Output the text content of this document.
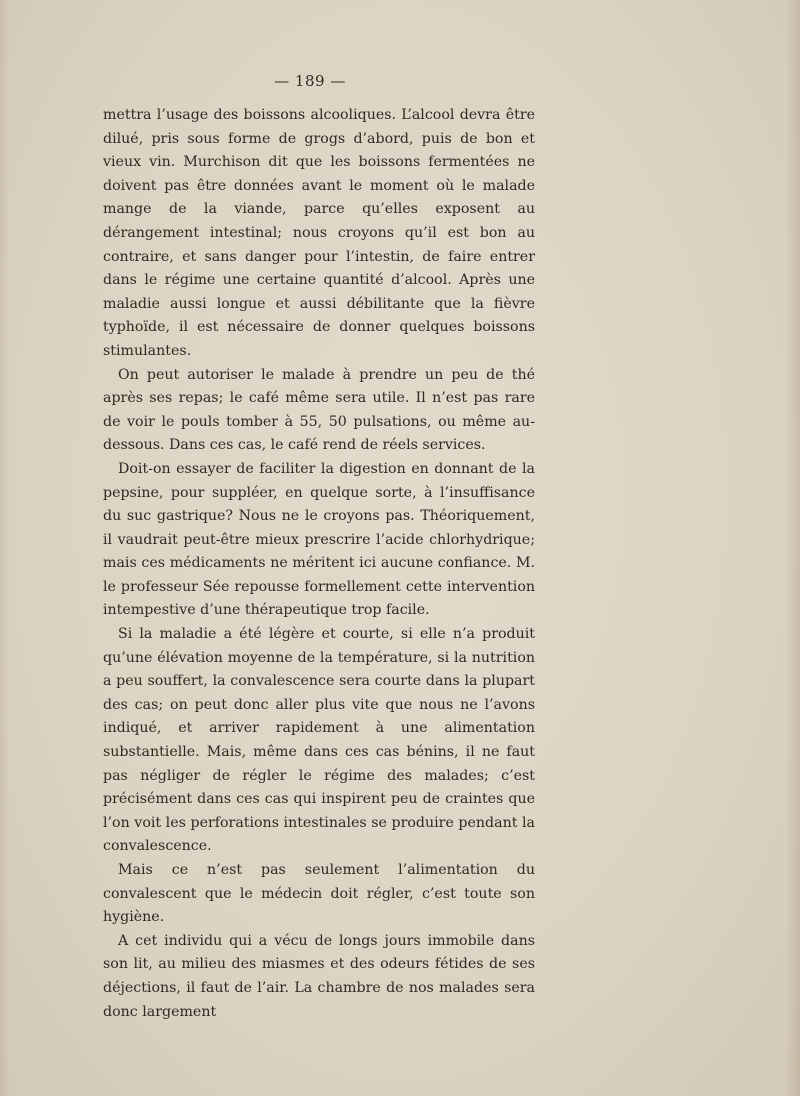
— 189 —

mettra l’usage des boissons alcooliques. L’alcool devra être dilué, pris sous forme de grogs d’abord, puis de bon et vieux vin. Murchison dit que les boissons fermentées ne doivent pas être données avant le moment où le malade mange de la viande, parce qu’elles exposent au dérangement intestinal; nous croyons qu’il est bon au contraire, et sans danger pour l’intestin, de faire entrer dans le régime une certaine quantité d’alcool. Après une maladie aussi longue et aussi débilitante que la fièvre typhoïde, il est nécessaire de donner quelques boissons stimulantes.

On peut autoriser le malade à prendre un peu de thé après ses repas; le café même sera utile. Il n’est pas rare de voir le pouls tomber à 55, 50 pulsations, ou même au-dessous. Dans ces cas, le café rend de réels services.

Doit-on essayer de faciliter la digestion en donnant de la pepsine, pour suppléer, en quelque sorte, à l’insuffisance du suc gastrique? Nous ne le croyons pas. Théoriquement, il vaudrait peut-être mieux prescrire l’acide chlorhydrique; mais ces médicaments ne méritent ici aucune confiance. M. le professeur Sée repousse formellement cette intervention intempestive d’une thérapeutique trop facile.

Si la maladie a été légère et courte, si elle n’a produit qu’une élévation moyenne de la température, si la nutrition a peu souffert, la convalescence sera courte dans la plupart des cas; on peut donc aller plus vite que nous ne l’avons indiqué, et arriver rapidement à une alimentation substantielle. Mais, même dans ces cas bénins, il ne faut pas négliger de régler le régime des malades; c’est précisément dans ces cas qui inspirent peu de craintes que l’on voit les perforations intestinales se produire pendant la convalescence.

Mais ce n’est pas seulement l’alimentation du convalescent que le médecin doit régler, c’est toute son hygiène.

A cet individu qui a vécu de longs jours immobile dans son lit, au milieu des miasmes et des odeurs fétides de ses déjections, il faut de l’air. La chambre de nos malades sera donc largement
